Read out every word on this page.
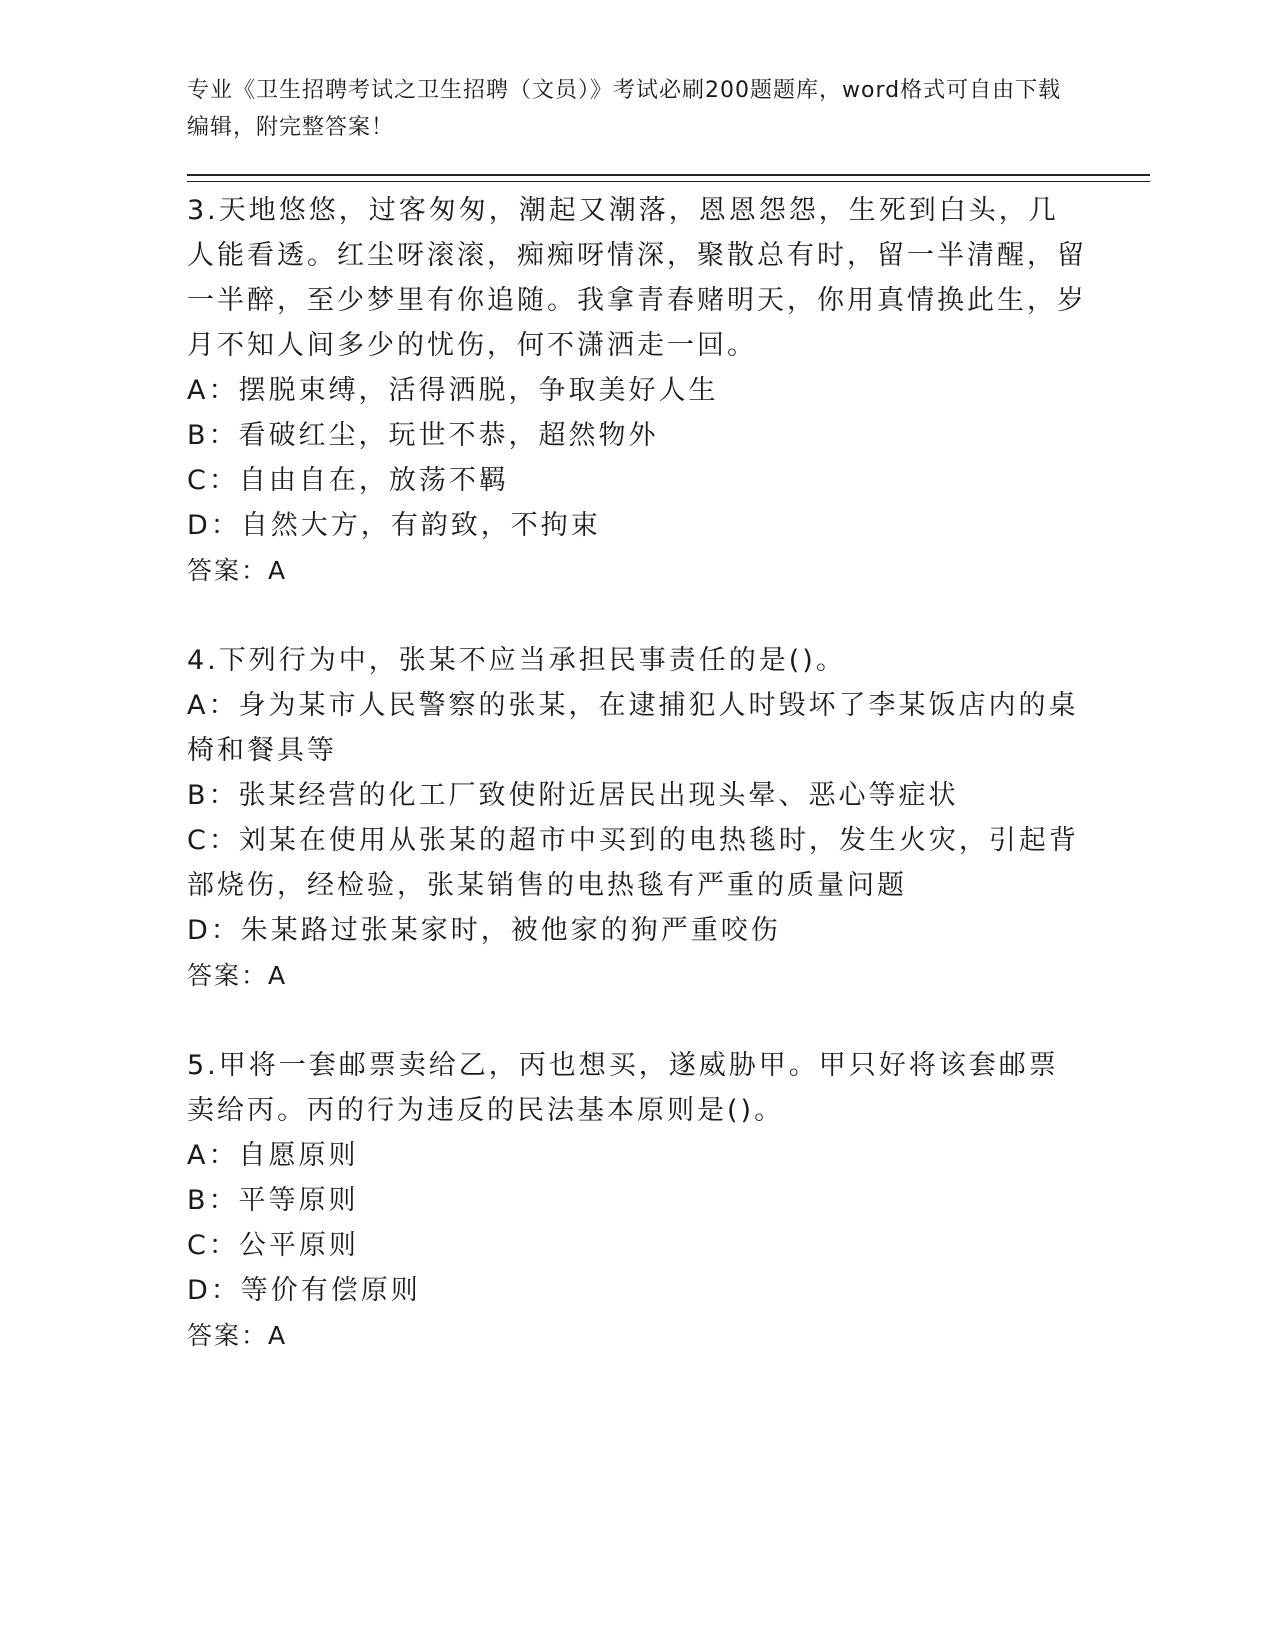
专业《卫生招聘考试之卫生招聘（文员）》考试必刷200题题库，word格式可自由下载编辑，附完整答案！

3.天地悠悠，过客匆匆，潮起又潮落，恩恩怨怨，生死到白头，几人能看透。红尘呀滚滚，痴痴呀情深，聚散总有时，留一半清醒，留一半醉，至少梦里有你追随。我拿青春赌明天，你用真情换此生，岁月不知人间多少的忧伤，何不潇洒走一回。

A：摆脱束缚，活得洒脱，争取美好人生

B：看破红尘，玩世不恭，超然物外

C：自由自在，放荡不羁

D：自然大方，有韵致，不拘束

答案：A

4.下列行为中，张某不应当承担民事责任的是()。

A：身为某市人民警察的张某，在逮捕犯人时毁坏了李某饭店内的桌椅和餐具等

B：张某经营的化工厂致使附近居民出现头晕、恶心等症状

C：刘某在使用从张某的超市中买到的电热毯时，发生火灾，引起背部烧伤，经检验，张某销售的电热毯有严重的质量问题

D：朱某路过张某家时，被他家的狗严重咬伤

答案：A

5.甲将一套邮票卖给乙，丙也想买，遂威胁甲。甲只好将该套邮票卖给丙。丙的行为违反的民法基本原则是()。

A：自愿原则

B：平等原则

C：公平原则

D：等价有偿原则

答案：A
